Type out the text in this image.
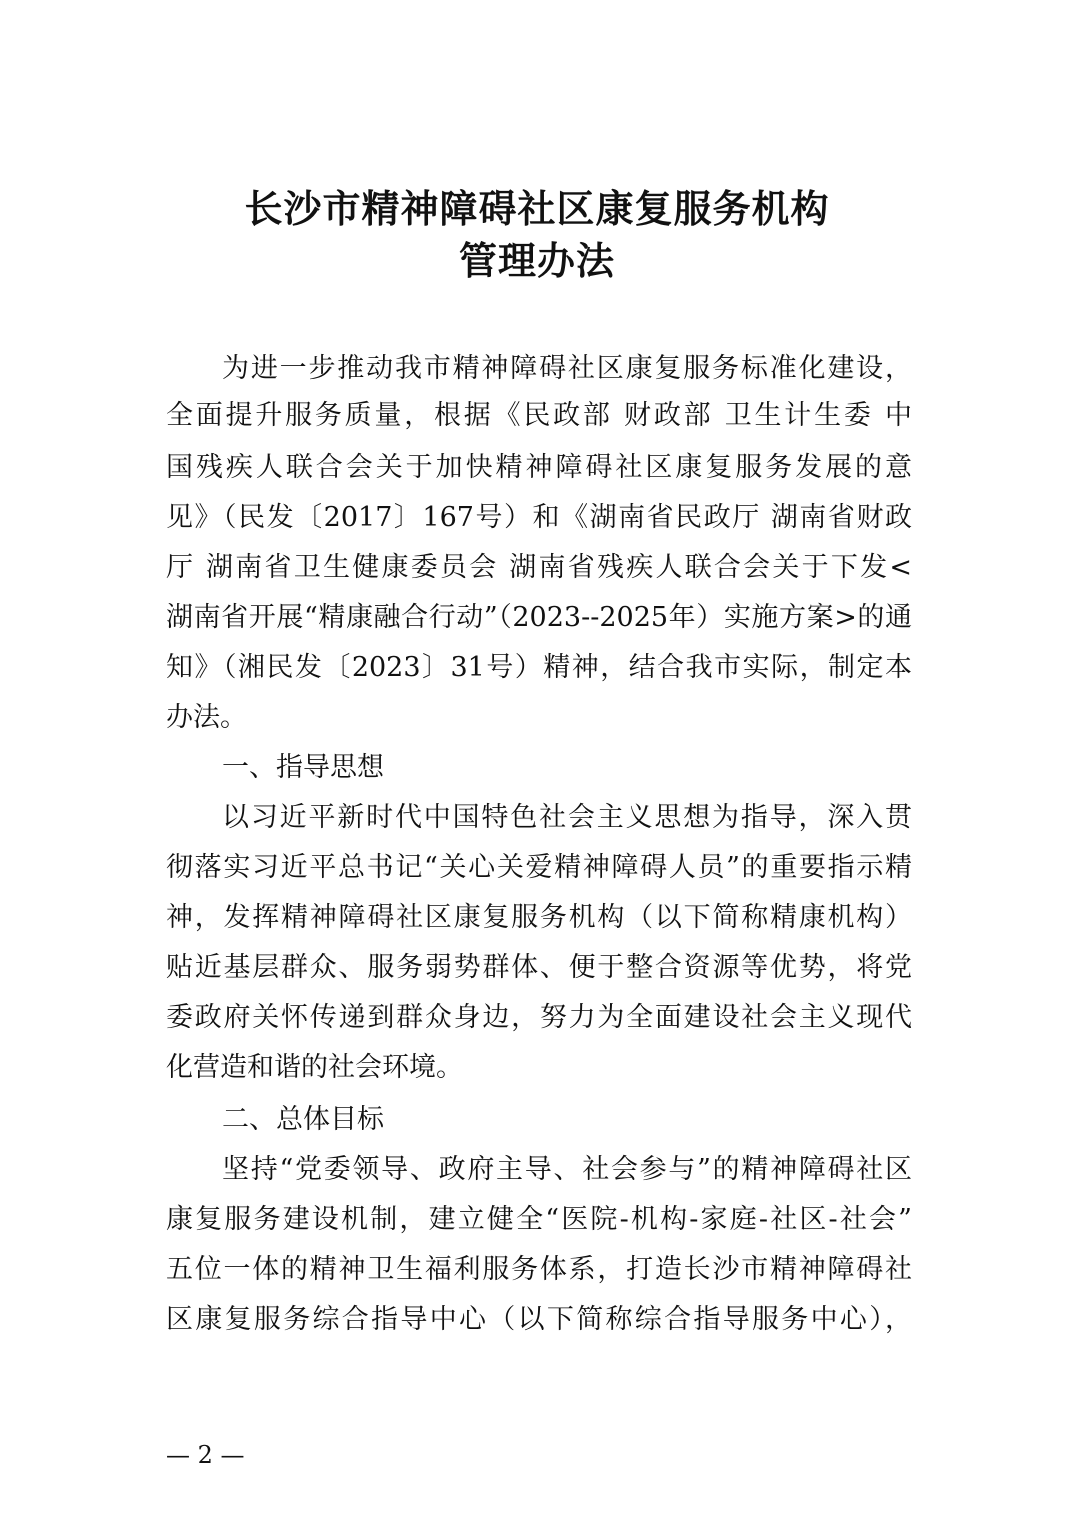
长沙市精神障碍社区康复服务机构
管理办法
为进一步推动我市精神障碍社区康复服务标准化建设，
全面提升服务质量，根据《民政部 财政部 卫生计生委 中
国残疾人联合会关于加快精神障碍社区康复服务发展的意
见》（民发〔2017〕167号）和《湖南省民政厅 湖南省财政
厅 湖南省卫生健康委员会 湖南省残疾人联合会关于下发<
湖南省开展“精康融合行动”（2023--2025年）实施方案>的通
知》（湘民发〔2023〕31号）精神，结合我市实际，制定本
办法。
一、指导思想
以习近平新时代中国特色社会主义思想为指导，深入贯
彻落实习近平总书记“关心关爱精神障碍人员”的重要指示精
神，发挥精神障碍社区康复服务机构（以下简称精康机构）
贴近基层群众、服务弱势群体、便于整合资源等优势，将党
委政府关怀传递到群众身边，努力为全面建设社会主义现代
化营造和谐的社会环境。
二、总体目标
坚持“党委领导、政府主导、社会参与”的精神障碍社区
康复服务建设机制，建立健全“医院-机构-家庭-社区-社会”
五位一体的精神卫生福利服务体系，打造长沙市精神障碍社
区康复服务综合指导中心（以下简称综合指导服务中心），
— 2 —
